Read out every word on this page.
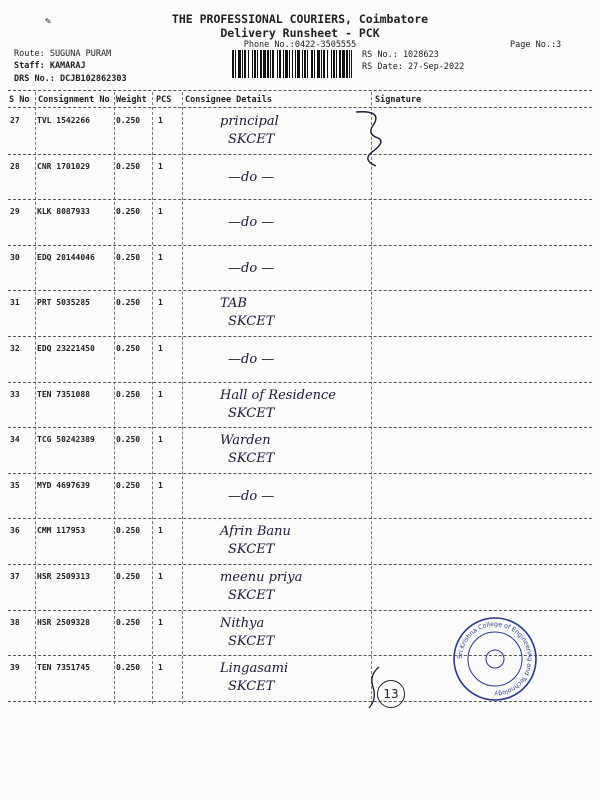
THE PROFESSIONAL COURIERS, Coimbatore
Delivery Runsheet - PCK
Phone No.:0422-3505555	Page No.:3
Route: SUGUNA PURAM
Staff: KAMARAJ
DRS No.: DCJB102862303
RS No.: 1028623
RS Date: 27-Sep-2022
✎
S No Consignment No Weight PCS Consignee Details	Signature
27 TVL 1542266	0.250 1	principal
SKCET
28 CNR 1701029	0.250 1
—do —
29 KLK 8087933	0.250 1
—do —
30 EDQ 20144046	0.250 1
—do —
31 PRT 5035285	0.250 1	TAB
SKCET
32 EDQ 23221450	0.250 1
—do —
33 TEN 7351088	0.250 1	Hall of Residence
SKCET
34 TCG 50242389	0.250 1	Warden
SKCET
35 MYD 4697639	0.250 1
—do —
36 CMM 117953	0.250 1	Afrin Banu
SKCET
37 HSR 2509313	0.250 1	meenu priya
SKCET
38 HSR 2509328	0.250 1	Nithya
SKCET
39 TEN 7351745	0.250 1	Lingasami
SKCET	13
Sri Krishna College of Engineering and Technology
